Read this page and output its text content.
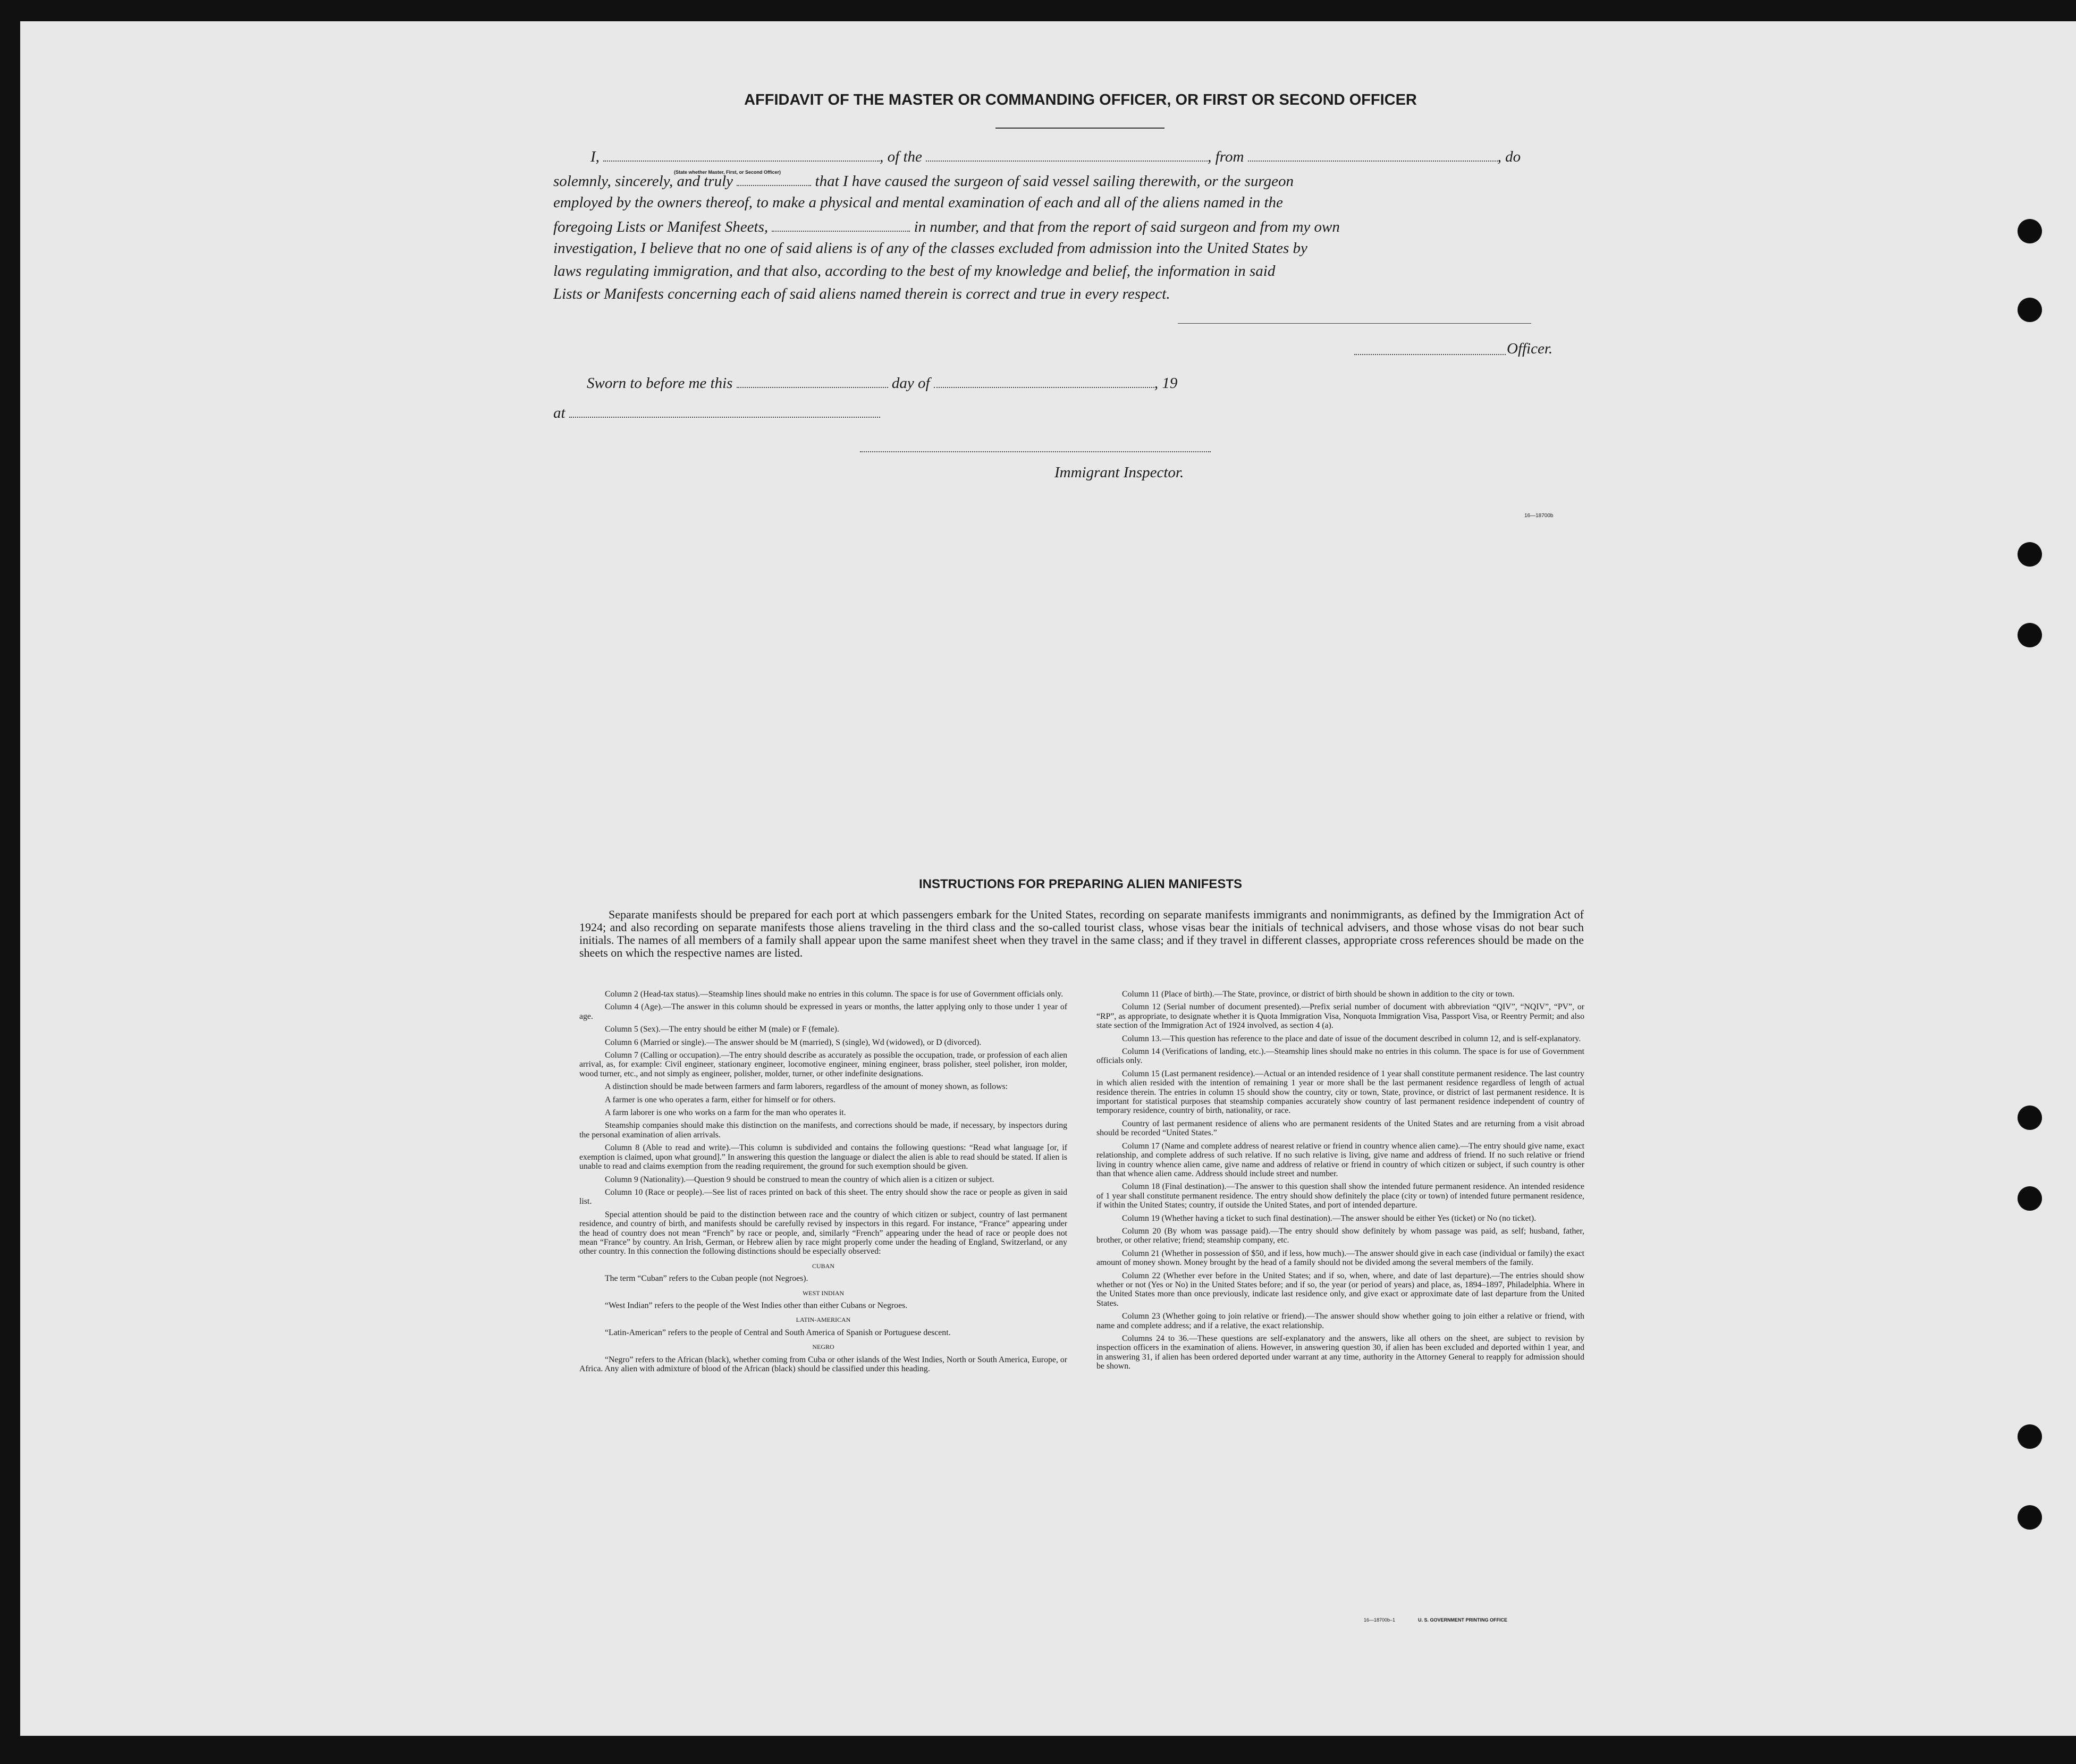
AFFIDAVIT OF THE MASTER OR COMMANDING OFFICER, OR FIRST OR SECOND OFFICER
I,	, of the	, from	, do
(State whether Master, First, or Second Officer)
solemnly, sincerely, and truly	that I have caused the surgeon of said vessel sailing therewith, or the surgeon
employed by the owners thereof, to make a physical and mental examination of each and all of the aliens named in the
foregoing Lists or Manifest Sheets,	in number, and that from the report of said surgeon and from my own
investigation, I believe that no one of said aliens is of any of the classes excluded from admission into the United States by
laws regulating immigration, and that also, according to the best of my knowledge and belief, the information in said
Lists or Manifests concerning each of said aliens named therein is correct and true in every respect.
Officer.
Sworn to before me this	day of	, 19
at
Immigrant Inspector.
16—18700b
INSTRUCTIONS FOR PREPARING ALIEN MANIFESTS
Separate manifests should be prepared for each port at which passengers embark for the United States, recording on separate manifests immigrants and nonimmigrants, as defined by the Immigration Act of 1924; and also recording on separate manifests those aliens traveling in the third class and the so-called tourist class, whose visas bear the initials of technical advisers, and those whose visas do not bear such initials. The names of all members of a family shall appear upon the same manifest sheet when they travel in the same class; and if they travel in different classes, appropriate cross references should be made on the sheets on which the respective names are listed.

Column 2 (Head-tax status).—Steamship lines should make no entries in this column. The space is for use of Government officials only.

Column 4 (Age).—The answer in this column should be expressed in years or months, the latter applying only to those under 1 year of age.

Column 5 (Sex).—The entry should be either M (male) or F (female).

Column 6 (Married or single).—The answer should be M (married), S (single), Wd (widowed), or D (divorced).

Column 7 (Calling or occupation).—The entry should describe as accurately as possible the occupation, trade, or profession of each alien arrival, as, for example: Civil engineer, stationary engineer, locomotive engineer, mining engineer, brass polisher, steel polisher, iron molder, wood turner, etc., and not simply as engineer, polisher, molder, turner, or other indefinite designations.

A distinction should be made between farmers and farm laborers, regardless of the amount of money shown, as follows:

A farmer is one who operates a farm, either for himself or for others.

A farm laborer is one who works on a farm for the man who operates it.

Steamship companies should make this distinction on the manifests, and corrections should be made, if necessary, by inspectors during the personal examination of alien arrivals.

Column 8 (Able to read and write).—This column is subdivided and contains the following questions: “Read what language [or, if exemption is claimed, upon what ground].” In answering this question the language or dialect the alien is able to read should be stated. If alien is unable to read and claims exemption from the reading requirement, the ground for such exemption should be given.

Column 9 (Nationality).—Question 9 should be construed to mean the country of which alien is a citizen or subject.

Column 10 (Race or people).—See list of races printed on back of this sheet. The entry should show the race or people as given in said list.

Special attention should be paid to the distinction between race and the country of which citizen or subject, country of last permanent residence, and country of birth, and manifests should be carefully revised by inspectors in this regard. For instance, “France” appearing under the head of country does not mean “French” by race or people, and, similarly “French” appearing under the head of race or people does not mean “France” by country. An Irish, German, or Hebrew alien by race might properly come under the heading of England, Switzerland, or any other country. In this connection the following distinctions should be especially observed:

CUBAN

The term “Cuban” refers to the Cuban people (not Negroes).

WEST INDIAN

“West Indian” refers to the people of the West Indies other than either Cubans or Negroes.

LATIN-AMERICAN

“Latin-American” refers to the people of Central and South America of Spanish or Portuguese descent.

NEGRO

“Negro” refers to the African (black), whether coming from Cuba or other islands of the West Indies, North or South America, Europe, or Africa. Any alien with admixture of blood of the African (black) should be classified under this heading.

Column 11 (Place of birth).—The State, province, or district of birth should be shown in addition to the city or town.

Column 12 (Serial number of document presented).—Prefix serial number of document with abbreviation “QIV”, “NQIV”, “PV”, or “RP”, as appropriate, to designate whether it is Quota Immigration Visa, Nonquota Immigration Visa, Passport Visa, or Reentry Permit; and also state section of the Immigration Act of 1924 involved, as section 4 (a).

Column 13.—This question has reference to the place and date of issue of the document described in column 12, and is self-explanatory.

Column 14 (Verifications of landing, etc.).—Steamship lines should make no entries in this column. The space is for use of Government officials only.

Column 15 (Last permanent residence).—Actual or an intended residence of 1 year shall constitute permanent residence. The last country in which alien resided with the intention of remaining 1 year or more shall be the last permanent residence regardless of length of actual residence therein. The entries in column 15 should show the country, city or town, State, province, or district of last permanent residence. It is important for statistical purposes that steamship companies accurately show country of last permanent residence independent of country of temporary residence, country of birth, nationality, or race.

Country of last permanent residence of aliens who are permanent residents of the United States and are returning from a visit abroad should be recorded “United States.”

Column 17 (Name and complete address of nearest relative or friend in country whence alien came).—The entry should give name, exact relationship, and complete address of such relative. If no such relative is living, give name and address of friend. If no such relative or friend living in country whence alien came, give name and address of relative or friend in country of which citizen or subject, if such country is other than that whence alien came. Address should include street and number.

Column 18 (Final destination).—The answer to this question shall show the intended future permanent residence. An intended residence of 1 year shall constitute permanent residence. The entry should show definitely the place (city or town) of intended future permanent residence, if within the United States; country, if outside the United States, and port of intended departure.

Column 19 (Whether having a ticket to such final destination).—The answer should be either Yes (ticket) or No (no ticket).

Column 20 (By whom was passage paid).—The entry should show definitely by whom passage was paid, as self; husband, father, brother, or other relative; friend; steamship company, etc.

Column 21 (Whether in possession of $50, and if less, how much).—The answer should give in each case (individual or family) the exact amount of money shown. Money brought by the head of a family should not be divided among the several members of the family.

Column 22 (Whether ever before in the United States; and if so, when, where, and date of last departure).—The entries should show whether or not (Yes or No) in the United States before; and if so, the year (or period of years) and place, as, 1894–1897, Philadelphia. Where in the United States more than once previously, indicate last residence only, and give exact or approximate date of last departure from the United States.

Column 23 (Whether going to join relative or friend).—The answer should show whether going to join either a relative or friend, with name and complete address; and if a relative, the exact relationship.

Columns 24 to 36.—These questions are self-explanatory and the answers, like all others on the sheet, are subject to revision by inspection officers in the examination of aliens. However, in answering question 30, if alien has been excluded and deported within 1 year, and in answering 31, if alien has been ordered deported under warrant at any time, authority in the Attorney General to reapply for admission should be shown.

16—18700b–1	U. S. GOVERNMENT PRINTING OFFICE
